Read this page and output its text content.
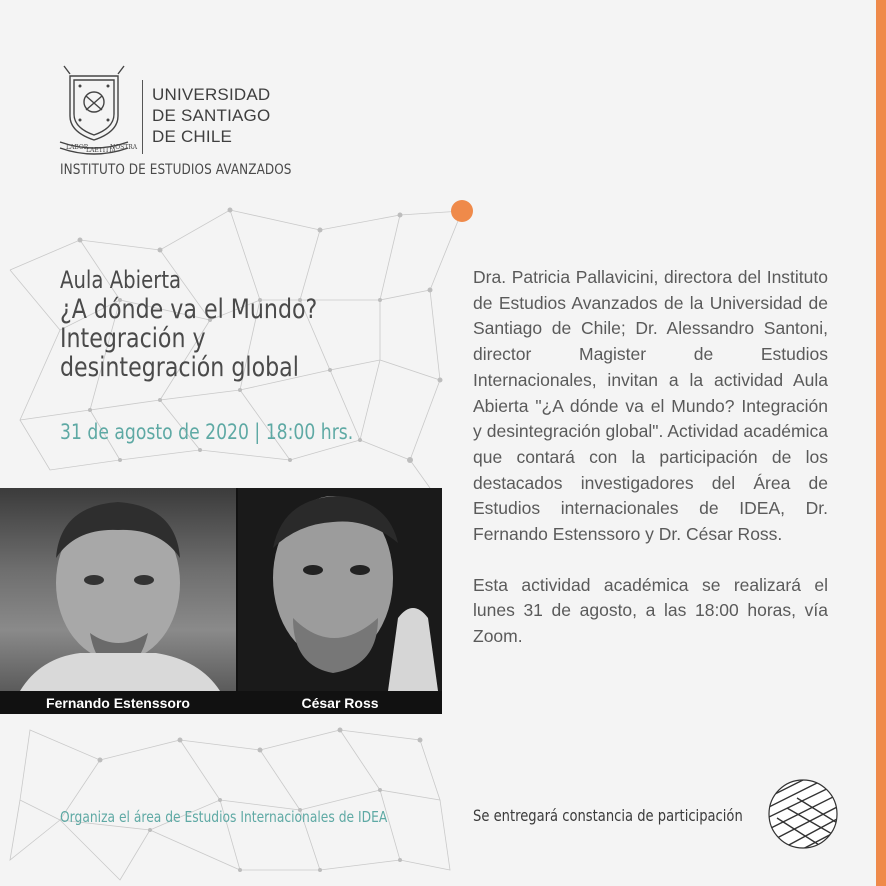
LABOR
LAETITIA
NOSTRA
UNIVERSIDAD
DE SANTIAGO
DE CHILE
INSTITUTO DE ESTUDIOS AVANZADOS
Aula Abierta
¿A dónde va el Mundo?
Integración y
desintegración global
31 de agosto de 2020 | 18:00 hrs.
Fernando Estenssoro	César Ross

Dra. Patricia Pallavicini, directora del Instituto de Estudios Avanzados de la Universidad de Santiago de Chile; Dr. Alessandro Santoni, director Magister de Estudios Internacionales, invitan a la actividad Aula Abierta "¿A dónde va el Mundo? Integración y desintegración global". Actividad académica que contará con la participación de los destacados investigadores del Área de Estudios internacionales de IDEA, Dr. Fernando Estenssoro y Dr. César Ross.

Esta actividad académica se realizará el lunes 31 de agosto, a las 18:00 horas, vía Zoom.

Organiza el área de Estudios Internacionales de IDEA	Se entregará constancia de participación
